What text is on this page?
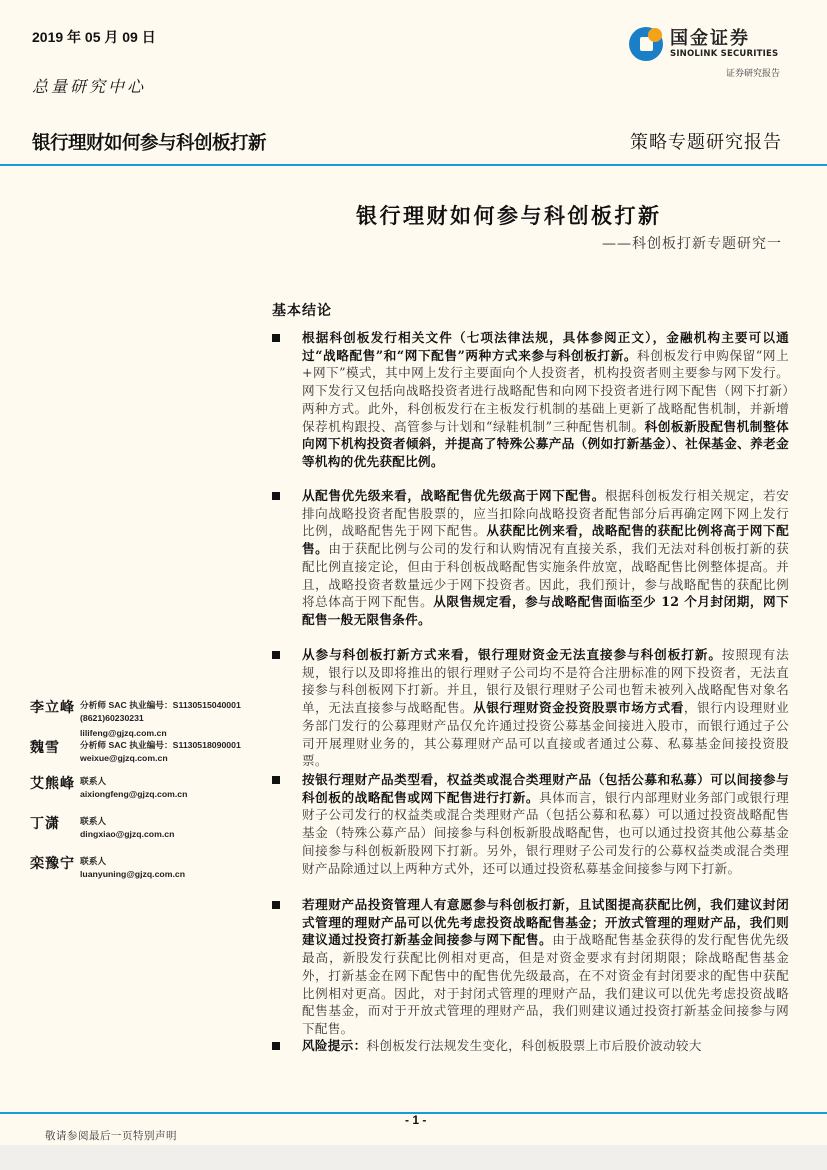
2019 年 05 月 09 日
总量研究中心
国金证券
SINOLINK SECURITIES
证券研究报告
银行理财如何参与科创板打新	策略专题研究报告
银行理财如何参与科创板打新
——科创板打新专题研究一
基本结论
根据科创板发行相关文件（七项法律法规，具体参阅正文），金融机构主要可以通过“战略配售”和“网下配售”两种方式来参与科创板打新。科创板发行申购保留“网上+网下”模式，其中网上发行主要面向个人投资者，机构投资者则主要参与网下发行。网下发行又包括向战略投资者进行战略配售和向网下投资者进行网下配售（网下打新）两种方式。此外，科创板发行在主板发行机制的基础上更新了战略配售机制，并新增保荐机构跟投、高管参与计划和“绿鞋机制”三种配售机制。科创板新股配售机制整体向网下机构投资者倾斜，并提高了特殊公募产品（例如打新基金）、社保基金、养老金等机构的优先获配比例。
从配售优先级来看，战略配售优先级高于网下配售。根据科创板发行相关规定，若安排向战略投资者配售股票的，应当扣除向战略投资者配售部分后再确定网下网上发行比例，战略配售先于网下配售。从获配比例来看，战略配售的获配比例将高于网下配售。由于获配比例与公司的发行和认购情况有直接关系，我们无法对科创板打新的获配比例直接定论，但由于科创板战略配售实施条件放宽，战略配售比例整体提高。并且，战略投资者数量远少于网下投资者。因此，我们预计，参与战略配售的获配比例将总体高于网下配售。从限售规定看，参与战略配售面临至少 12 个月封闭期，网下配售一般无限售条件。
从参与科创板打新方式来看，银行理财资金无法直接参与科创板打新。按照现有法规，银行以及即将推出的银行理财子公司均不是符合注册标准的网下投资者，无法直接参与科创板网下打新。并且，银行及银行理财子公司也暂未被列入战略配售对象名单，无法直接参与战略配售。从银行理财资金投资股票市场方式看，银行内设理财业务部门发行的公募理财产品仅允许通过投资公募基金间接进入股市，而银行通过子公司开展理财业务的，其公募理财产品可以直接或者通过公募、私募基金间接投资股票。
按银行理财产品类型看，权益类或混合类理财产品（包括公募和私募）可以间接参与科创板的战略配售或网下配售进行打新。具体而言，银行内部理财业务部门或银行理财子公司发行的权益类或混合类理财产品（包括公募和私募）可以通过投资战略配售基金（特殊公募产品）间接参与科创板新股战略配售，也可以通过投资其他公募基金间接参与科创板新股网下打新。另外，银行理财子公司发行的公募权益类或混合类理财产品除通过以上两种方式外，还可以通过投资私募基金间接参与网下打新。
若理财产品投资管理人有意愿参与科创板打新，且试图提高获配比例，我们建议封闭式管理的理财产品可以优先考虑投资战略配售基金；开放式管理的理财产品，我们则建议通过投资打新基金间接参与网下配售。由于战略配售基金获得的发行配售优先级最高，新股发行获配比例相对更高，但是对资金要求有封闭期限；除战略配售基金外，打新基金在网下配售中的配售优先级最高，在不对资金有封闭要求的配售中获配比例相对更高。因此，对于封闭式管理的理财产品，我们建议可以优先考虑投资战略配售基金，而对于开放式管理的理财产品，我们则建议通过投资打新基金间接参与网下配售。
风险提示：科创板发行法规发生变化，科创板股票上市后股价波动较大
李立峰 分析师 SAC 执业编号：S1130515040001
(8621)60230231
lilifeng@gjzq.com.cn
魏雪	分析师 SAC 执业编号：S1130518090001
weixue@gjzq.com.cn
艾熊峰 联系人
aixiongfeng@gjzq.com.cn
丁潇	联系人
dingxiao@gjzq.com.cn
栾豫宁 联系人
luanyuning@gjzq.com.cn
- 1 -
敬请参阅最后一页特别声明
